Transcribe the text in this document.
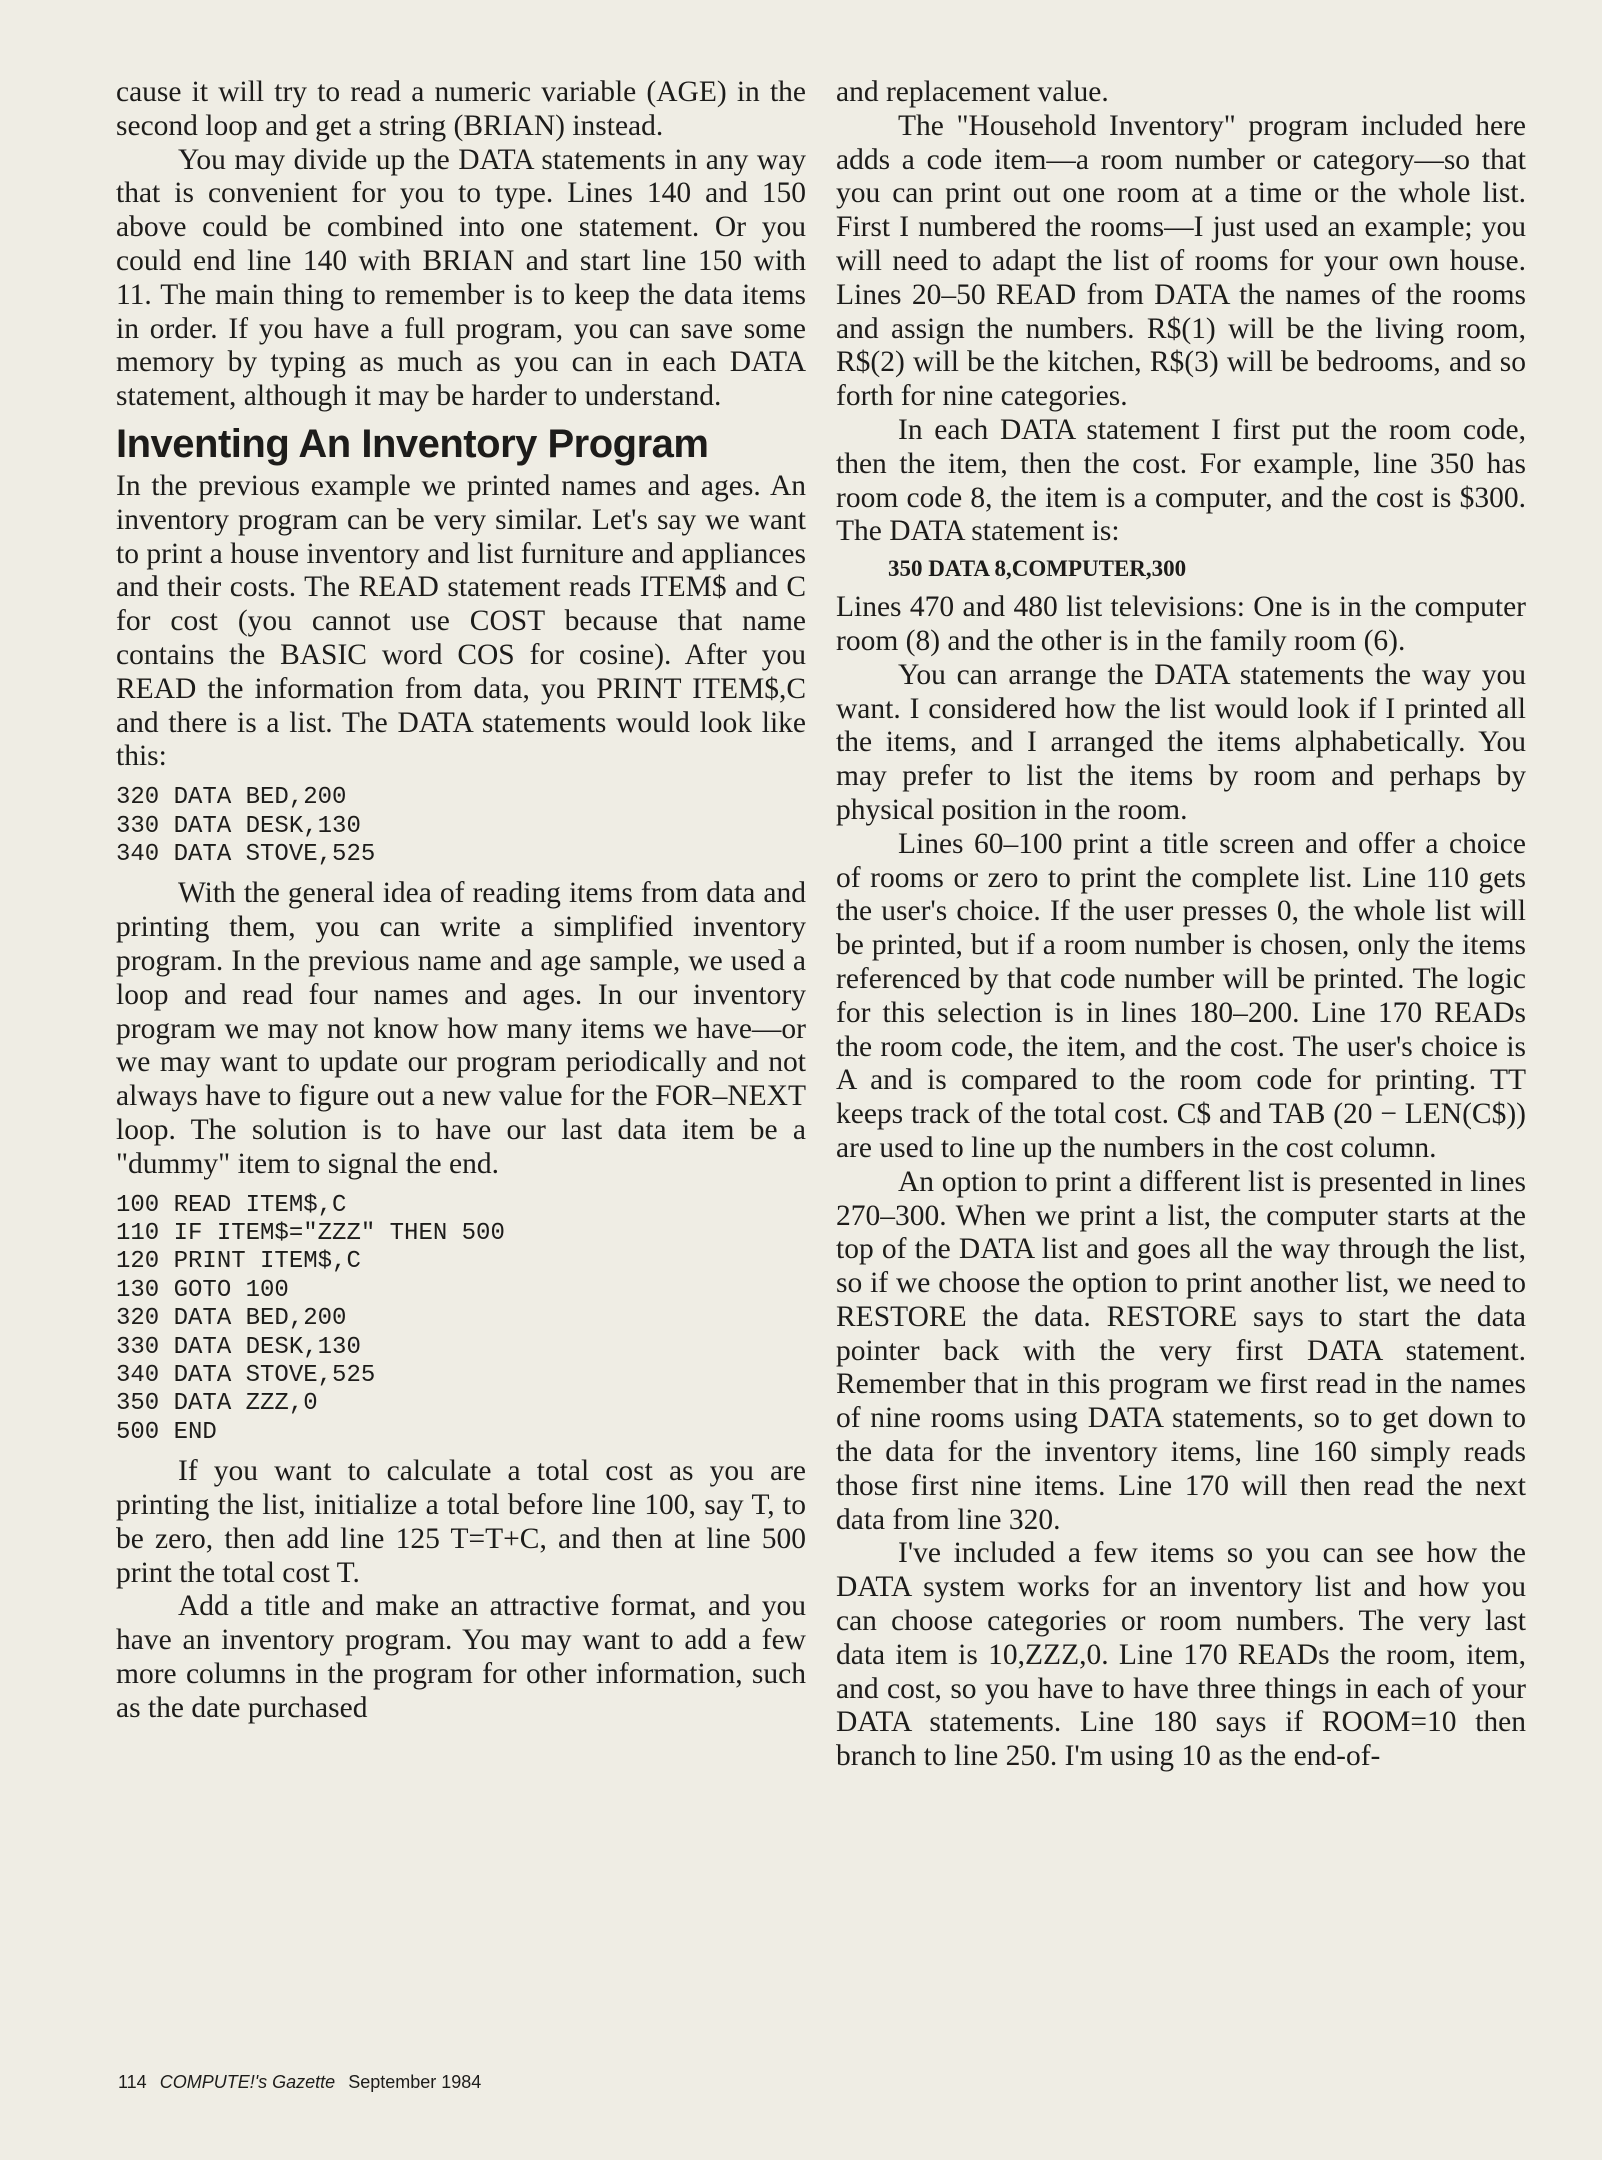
cause it will try to read a numeric variable (AGE) in the second loop and get a string (BRIAN) instead.

You may divide up the DATA statements in any way that is convenient for you to type. Lines 140 and 150 above could be combined into one statement. Or you could end line 140 with BRIAN and start line 150 with 11. The main thing to remember is to keep the data items in order. If you have a full program, you can save some memory by typing as much as you can in each DATA statement, although it may be harder to understand.

Inventing An Inventory Program

In the previous example we printed names and ages. An inventory program can be very similar. Let's say we want to print a house inventory and list furniture and appliances and their costs. The READ statement reads ITEM$ and C for cost (you cannot use COST because that name contains the BASIC word COS for cosine). After you READ the information from data, you PRINT ITEM$,C and there is a list. The DATA statements would look like this:

320 DATA BED,200
330 DATA DESK,130
340 DATA STOVE,525

With the general idea of reading items from data and printing them, you can write a simplified inventory program. In the previous name and age sample, we used a loop and read four names and ages. In our inventory program we may not know how many items we have—or we may want to update our program periodically and not always have to figure out a new value for the FOR–NEXT loop. The solution is to have our last data item be a "dummy" item to signal the end.

100 READ ITEM$,C
110 IF ITEM$="ZZZ" THEN 500
120 PRINT ITEM$,C
130 GOTO 100
320 DATA BED,200
330 DATA DESK,130
340 DATA STOVE,525
350 DATA ZZZ,0
500 END

If you want to calculate a total cost as you are printing the list, initialize a total before line 100, say T, to be zero, then add line 125 T=T+C, and then at line 500 print the total cost T.

Add a title and make an attractive format, and you have an inventory program. You may want to add a few more columns in the program for other information, such as the date purchased

and replacement value.

The "Household Inventory" program included here adds a code item—a room number or category—so that you can print out one room at a time or the whole list. First I numbered the rooms—I just used an example; you will need to adapt the list of rooms for your own house. Lines 20–50 READ from DATA the names of the rooms and assign the numbers. R$(1) will be the living room, R$(2) will be the kitchen, R$(3) will be bedrooms, and so forth for nine categories.

In each DATA statement I first put the room code, then the item, then the cost. For example, line 350 has room code 8, the item is a computer, and the cost is $300. The DATA statement is:

350 DATA 8,COMPUTER,300

Lines 470 and 480 list televisions: One is in the computer room (8) and the other is in the family room (6).

You can arrange the DATA statements the way you want. I considered how the list would look if I printed all the items, and I arranged the items alphabetically. You may prefer to list the items by room and perhaps by physical position in the room.

Lines 60–100 print a title screen and offer a choice of rooms or zero to print the complete list. Line 110 gets the user's choice. If the user presses 0, the whole list will be printed, but if a room number is chosen, only the items referenced by that code number will be printed. The logic for this selection is in lines 180–200. Line 170 READs the room code, the item, and the cost. The user's choice is A and is compared to the room code for printing. TT keeps track of the total cost. C$ and TAB (20 − LEN(C$)) are used to line up the numbers in the cost column.

An option to print a different list is presented in lines 270–300. When we print a list, the computer starts at the top of the DATA list and goes all the way through the list, so if we choose the option to print another list, we need to RESTORE the data. RESTORE says to start the data pointer back with the very first DATA statement. Remember that in this program we first read in the names of nine rooms using DATA statements, so to get down to the data for the inventory items, line 160 simply reads those first nine items. Line 170 will then read the next data from line 320.

I've included a few items so you can see how the DATA system works for an inventory list and how you can choose categories or room numbers. The very last data item is 10,ZZZ,0. Line 170 READs the room, item, and cost, so you have to have three things in each of your DATA statements. Line 180 says if ROOM=10 then branch to line 250. I'm using 10 as the end-of-

114 COMPUTE!'s Gazette September 1984
